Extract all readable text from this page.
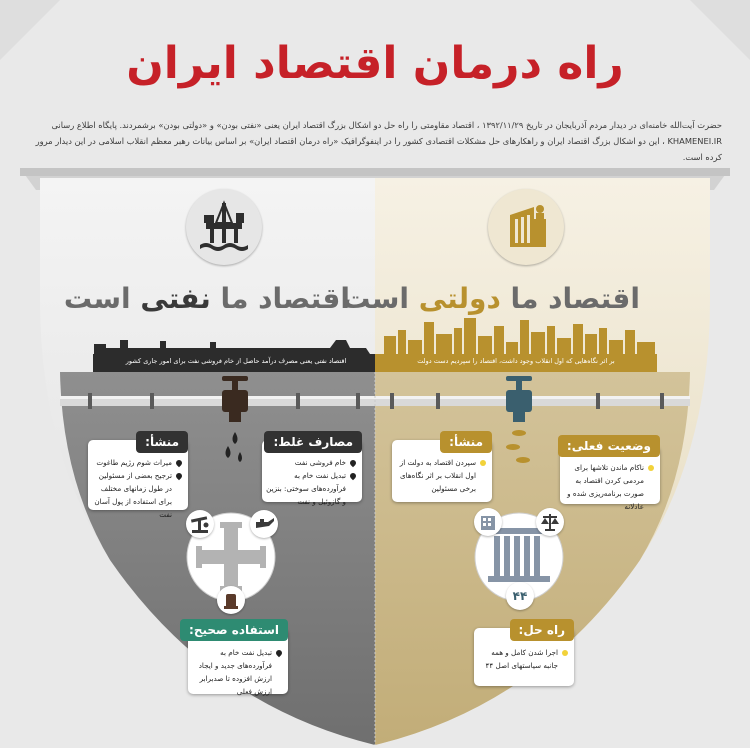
راه درمان اقتصاد ایران
حضرت آیت‌الله خامنه‌ای در دیدار مردم آذربایجان در تاریخ ۱۳۹۲/۱۱/۲۹ ، اقتصاد مقاومتی را راه حل دو اشکال بزرگ اقتصاد ایران یعنی «نفتی بودن» و «دولتی بودن» برشمردند. پایگاه اطلاع رسانی
KHAMENEI.IR ، این دو اشکال بزرگ اقتصاد ایران و راهکارهای حل مشکلات اقتصادی کشور را در اینفوگرافیک «راه درمان اقتصاد ایران» بر اساس بیانات رهبر معظم انقلاب اسلامی در این دیدار مرور کرده است.
اقتصاد ما نفتی است	اقتصاد ما دولتی است
اقتصاد نفتی یعنی مصرف درآمد حاصل از خام فروشی نفت برای امور جاری کشور	بر اثر نگاه‌هایی که اول انقلاب وجود داشت، اقتصاد را سپردیم دست دولت
منشأ:
میراث شوم رژیم طاغوت
ترجیح بعضی از مسئولین در طول زمانهای مختلف برای استفاده از پول آسان نفت
مصارف غلط:
خام فروشی نفت
تبدیل نفت خام به فرآورده‌های سوختی: بنزین و گازوئیل و نفت
استفاده صحیح:
تبدیل نفت خام به فرآورده‌های جدید و ایجاد ارزش افزوده تا صدبرابر ارزش فعلی
منشأ:
سپردن اقتصاد به دولت از اول انقلاب بر اثر نگاه‌های برخی مسئولین
وضعیت فعلی:
ناکام ماندن تلاشها برای مردمی کردن اقتصاد به صورت برنامه‌ریزی شده و عادلانه
۴۴
راه حل:
اجرا شدن کامل و همه جانبه سیاستهای اصل ۴۴
